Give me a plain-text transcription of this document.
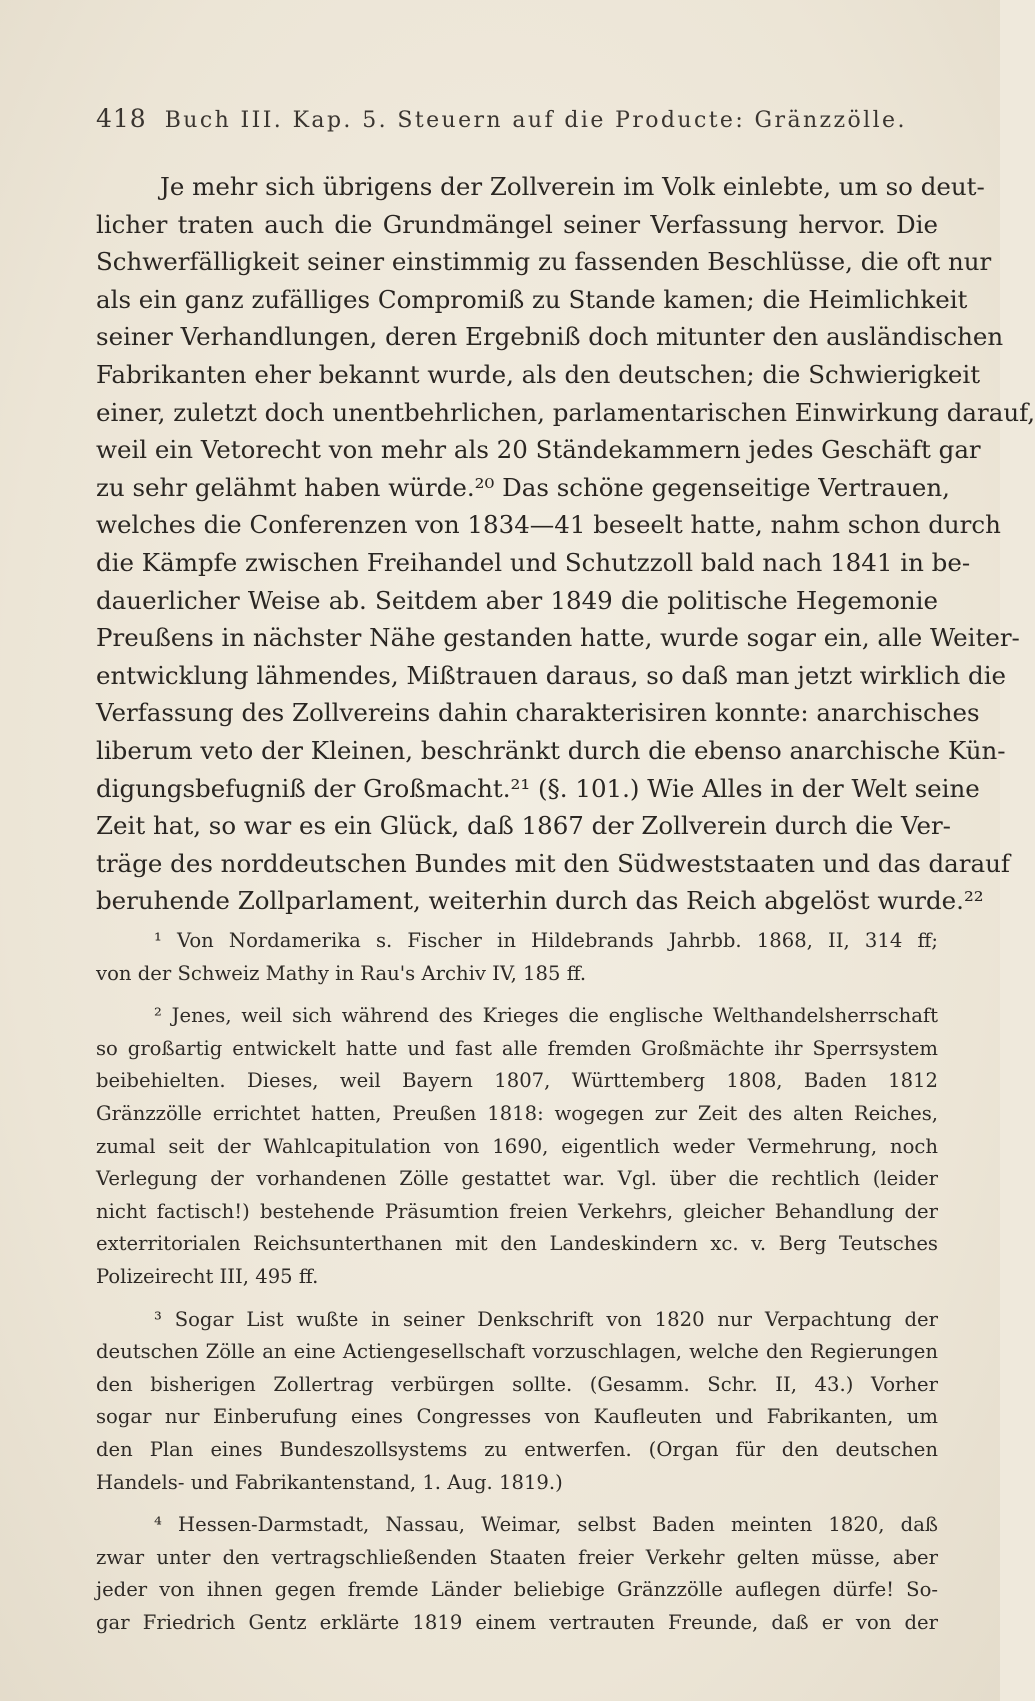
418 Buch III. Kap. 5. Steuern auf die Producte: Gränzzölle.
Je mehr sich übrigens der Zollverein im Volk einlebte, um so deut-
licher traten auch die Grundmängel seiner Verfassung hervor. Die
Schwerfälligkeit seiner einstimmig zu fassenden Beschlüsse, die oft nur
als ein ganz zufälliges Compromiß zu Stande kamen; die Heimlichkeit
seiner Verhandlungen, deren Ergebniß doch mitunter den ausländischen
Fabrikanten eher bekannt wurde, als den deutschen; die Schwierigkeit
einer, zuletzt doch unentbehrlichen, parlamentarischen Einwirkung darauf,
weil ein Vetorecht von mehr als 20 Ständekammern jedes Geschäft gar
zu sehr gelähmt haben würde.²⁰ Das schöne gegenseitige Vertrauen,
welches die Conferenzen von 1834—41 beseelt hatte, nahm schon durch
die Kämpfe zwischen Freihandel und Schutzzoll bald nach 1841 in be-
dauerlicher Weise ab. Seitdem aber 1849 die politische Hegemonie
Preußens in nächster Nähe gestanden hatte, wurde sogar ein, alle Weiter-
entwicklung lähmendes, Mißtrauen daraus, so daß man jetzt wirklich die
Verfassung des Zollvereins dahin charakterisiren konnte: anarchisches
liberum veto der Kleinen, beschränkt durch die ebenso anarchische Kün-
digungsbefugniß der Großmacht.²¹ (§. 101.) Wie Alles in der Welt seine
Zeit hat, so war es ein Glück, daß 1867 der Zollverein durch die Ver-
träge des norddeutschen Bundes mit den Südweststaaten und das darauf
beruhende Zollparlament, weiterhin durch das Reich abgelöst wurde.²²
¹ Von Nordamerika s. Fischer in Hildebrands Jahrbb. 1868, II, 314 ff;
von der Schweiz Mathy in Rau's Archiv IV, 185 ff.
² Jenes, weil sich während des Krieges die englische Welthandelsherrschaft
so großartig entwickelt hatte und fast alle fremden Großmächte ihr Sperrsystem
beibehielten. Dieses, weil Bayern 1807, Württemberg 1808, Baden 1812
Gränzzölle errichtet hatten, Preußen 1818: wogegen zur Zeit des alten Reiches,
zumal seit der Wahlcapitulation von 1690, eigentlich weder Vermehrung, noch
Verlegung der vorhandenen Zölle gestattet war. Vgl. über die rechtlich (leider
nicht factisch!) bestehende Präsumtion freien Verkehrs, gleicher Behandlung der
exterritorialen Reichsunterthanen mit den Landeskindern xc. v. Berg Teutsches
Polizeirecht III, 495 ff.
³ Sogar List wußte in seiner Denkschrift von 1820 nur Verpachtung der
deutschen Zölle an eine Actiengesellschaft vorzuschlagen, welche den Regierungen
den bisherigen Zollertrag verbürgen sollte. (Gesamm. Schr. II, 43.) Vorher
sogar nur Einberufung eines Congresses von Kaufleuten und Fabrikanten, um
den Plan eines Bundeszollsystems zu entwerfen. (Organ für den deutschen
Handels- und Fabrikantenstand, 1. Aug. 1819.)
⁴ Hessen-Darmstadt, Nassau, Weimar, selbst Baden meinten 1820, daß
zwar unter den vertragschließenden Staaten freier Verkehr gelten müsse, aber
jeder von ihnen gegen fremde Länder beliebige Gränzzölle auflegen dürfe! So-
gar Friedrich Gentz erklärte 1819 einem vertrauten Freunde, daß er von der
